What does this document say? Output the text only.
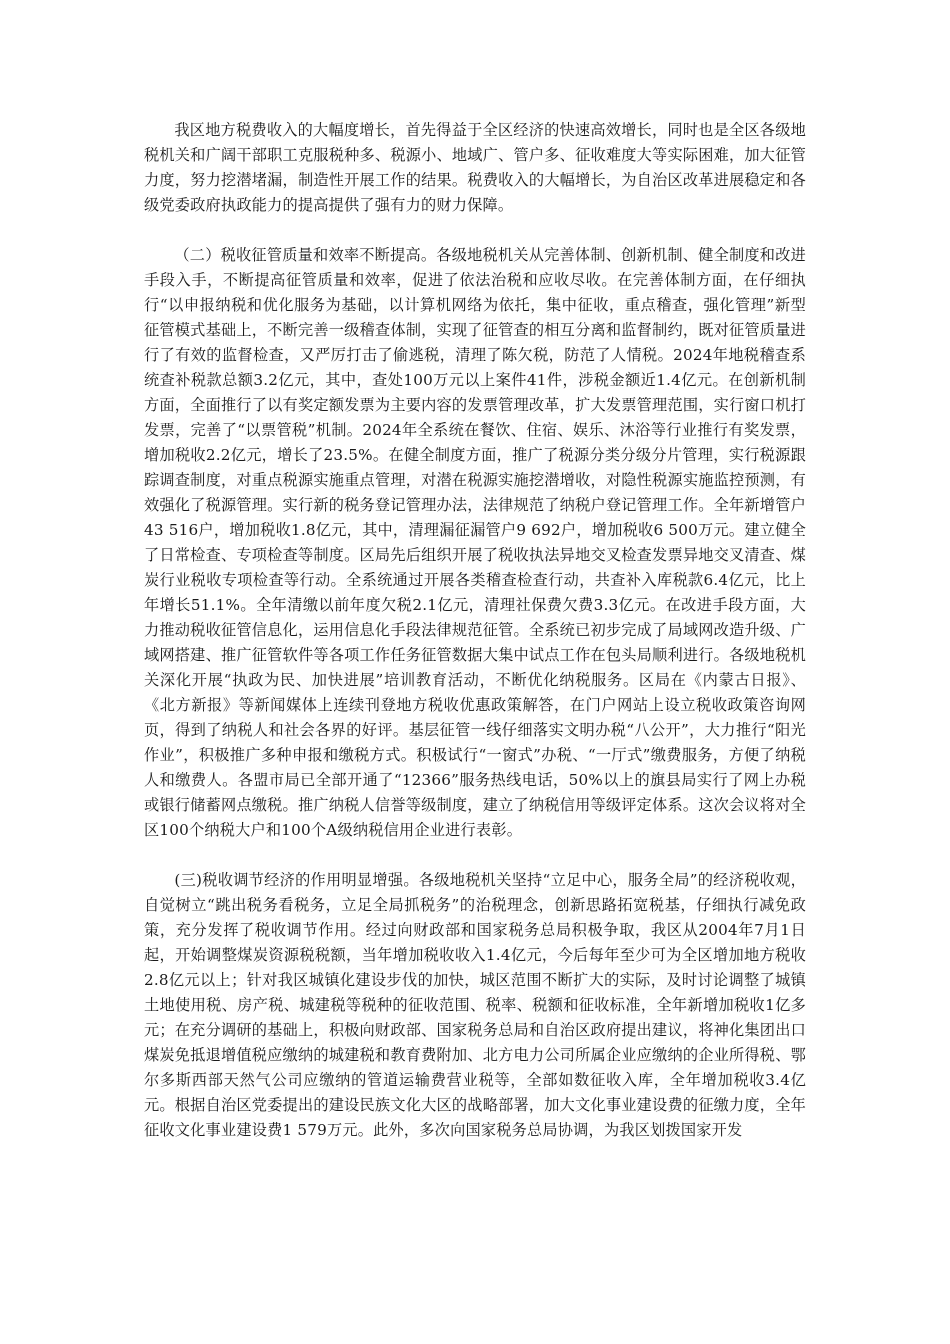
我区地方税费收入的大幅度增长，首先得益于全区经济的快速高效增长，同时也是全区各级地税机关和广阔干部职工克服税种多、税源小、地域广、管户多、征收难度大等实际困难，加大征管力度，努力挖潜堵漏，制造性开展工作的结果。税费收入的大幅增长，为自治区改革进展稳定和各级党委政府执政能力的提高提供了强有力的财力保障。

（二）税收征管质量和效率不断提高。各级地税机关从完善体制、创新机制、健全制度和改进手段入手，不断提高征管质量和效率，促进了依法治税和应收尽收。在完善体制方面，在仔细执行“以申报纳税和优化服务为基础，以计算机网络为依托，集中征收，重点稽查，强化管理”新型征管模式基础上，不断完善一级稽查体制，实现了征管查的相互分离和监督制约，既对征管质量进行了有效的监督检查，又严厉打击了偷逃税，清理了陈欠税，防范了人情税。2024年地税稽查系统查补税款总额3.2亿元，其中，查处100万元以上案件41件，涉税金额近1.4亿元。在创新机制方面，全面推行了以有奖定额发票为主要内容的发票管理改革，扩大发票管理范围，实行窗口机打发票，完善了“以票管税”机制。2024年全系统在餐饮、住宿、娱乐、沐浴等行业推行有奖发票，增加税收2.2亿元，增长了23.5%。在健全制度方面，推广了税源分类分级分片管理，实行税源跟踪调查制度，对重点税源实施重点管理，对潜在税源实施挖潜增收，对隐性税源实施监控预测，有效强化了税源管理。实行新的税务登记管理办法，法律规范了纳税户登记管理工作。全年新增管户43 516户，增加税收1.8亿元，其中，清理漏征漏管户9 692户，增加税收6 500万元。建立健全了日常检查、专项检查等制度。区局先后组织开展了税收执法异地交叉检查发票异地交叉清查、煤炭行业税收专项检查等行动。全系统通过开展各类稽查检查行动，共查补入库税款6.4亿元，比上年增长51.1%。全年清缴以前年度欠税2.1亿元，清理社保费欠费3.3亿元。在改进手段方面，大力推动税收征管信息化，运用信息化手段法律规范征管。全系统已初步完成了局域网改造升级、广域网搭建、推广征管软件等各项工作任务征管数据大集中试点工作在包头局顺利进行。各级地税机关深化开展“执政为民、加快进展”培训教育活动，不断优化纳税服务。区局在《内蒙古日报》、《北方新报》等新闻媒体上连续刊登地方税收优惠政策解答，在门户网站上设立税收政策咨询网页，得到了纳税人和社会各界的好评。基层征管一线仔细落实文明办税“八公开”，大力推行“阳光作业”，积极推广多种申报和缴税方式。积极试行“一窗式”办税、“一厅式”缴费服务，方便了纳税人和缴费人。各盟市局已全部开通了“12366”服务热线电话，50%以上的旗县局实行了网上办税或银行储蓄网点缴税。推广纳税人信誉等级制度，建立了纳税信用等级评定体系。这次会议将对全区100个纳税大户和100个A级纳税信用企业进行表彰。

(三)税收调节经济的作用明显增强。各级地税机关坚持“立足中心，服务全局”的经济税收观，自觉树立“跳出税务看税务，立足全局抓税务”的治税理念，创新思路拓宽税基，仔细执行减免政策，充分发挥了税收调节作用。经过向财政部和国家税务总局积极争取，我区从2004年7月1日起，开始调整煤炭资源税税额，当年增加税收收入1.4亿元，今后每年至少可为全区增加地方税收2.8亿元以上；针对我区城镇化建设步伐的加快，城区范围不断扩大的实际，及时讨论调整了城镇土地使用税、房产税、城建税等税种的征收范围、税率、税额和征收标准，全年新增加税收1亿多元；在充分调研的基础上，积极向财政部、国家税务总局和自治区政府提出建议，将神化集团出口煤炭免抵退增值税应缴纳的城建税和教育费附加、北方电力公司所属企业应缴纳的企业所得税、鄂尔多斯西部天然气公司应缴纳的管道运输费营业税等，全部如数征收入库，全年增加税收3.4亿元。根据自治区党委提出的建设民族文化大区的战略部署，加大文化事业建设费的征缴力度，全年征收文化事业建设费1 579万元。此外，多次向国家税务总局协调，为我区划拨国家开发
